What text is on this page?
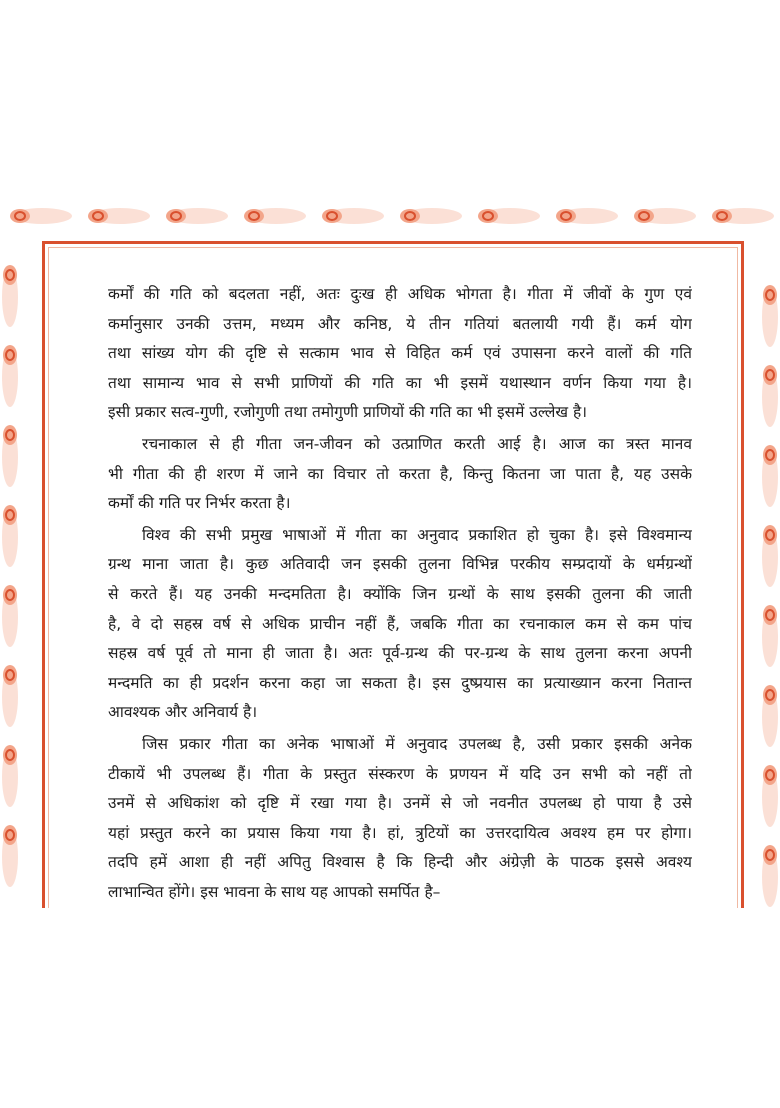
कर्मों की गति को बदलता नहीं, अतः दुःख ही अधिक भोगता है। गीता में जीवों के गुण एवं
कर्मानुसार उनकी उत्तम, मध्यम और कनिष्ठ, ये तीन गतियां बतलायी गयी हैं। कर्म योग
तथा सांख्य योग की दृष्टि से सत्काम भाव से विहित कर्म एवं उपासना करने वालों की गति
तथा सामान्य भाव से सभी प्राणियों की गति का भी इसमें यथास्थान वर्णन किया गया है।
इसी प्रकार सत्व-गुणी, रजोगुणी तथा तमोगुणी प्राणियों की गति का भी इसमें उल्लेख है।
रचनाकाल से ही गीता जन-जीवन को उत्प्राणित करती आई है। आज का त्रस्त मानव
भी गीता की ही शरण में जाने का विचार तो करता है, किन्तु कितना जा पाता है, यह उसके
कर्मों की गति पर निर्भर करता है।
विश्व की सभी प्रमुख भाषाओं में गीता का अनुवाद प्रकाशित हो चुका है। इसे विश्वमान्य
ग्रन्थ माना जाता है। कुछ अतिवादी जन इसकी तुलना विभिन्न परकीय सम्प्रदायों के धर्मग्रन्थों
से करते हैं। यह उनकी मन्दमतिता है। क्योंकि जिन ग्रन्थों के साथ इसकी तुलना की जाती
है, वे दो सहस्र वर्ष से अधिक प्राचीन नहीं हैं, जबकि गीता का रचनाकाल कम से कम पांच
सहस्र वर्ष पूर्व तो माना ही जाता है। अतः पूर्व-ग्रन्थ की पर-ग्रन्थ के साथ तुलना करना अपनी
मन्दमति का ही प्रदर्शन करना कहा जा सकता है। इस दुष्प्रयास का प्रत्याख्यान करना नितान्त
आवश्यक और अनिवार्य है।
जिस प्रकार गीता का अनेक भाषाओं में अनुवाद उपलब्ध है, उसी प्रकार इसकी अनेक
टीकायें भी उपलब्ध हैं। गीता के प्रस्तुत संस्करण के प्रणयन में यदि उन सभी को नहीं तो
उनमें से अधिकांश को दृष्टि में रखा गया है। उनमें से जो नवनीत उपलब्ध हो पाया है उसे
यहां प्रस्तुत करने का प्रयास किया गया है। हां, त्रुटियों का उत्तरदायित्व अवश्य हम पर होगा।
तदपि हमें आशा ही नहीं अपितु विश्वास है कि हिन्दी और अंग्रेज़ी के पाठक इससे अवश्य
लाभान्वित होंगे। इस भावना के साथ यह आपको समर्पित है–
